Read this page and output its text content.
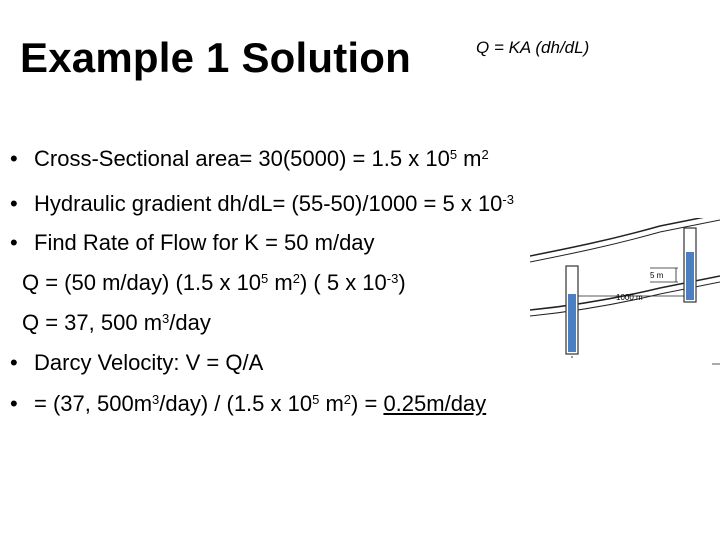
Example 1 Solution	Q = KA (dh/dL)
5 m
1000 m
• Cross-Sectional area= 30(5000) = 1.5 x $10^5$ $m^2$
• Hydraulic gradient dh/dL= (55-50)/1000 = 5 x $10^{-3}$
• Find Rate of Flow for K = 50 m/day
Q = (50 m/day) (1.5 x $10^5$ $m^2$) ( 5 x $10^{-3}$)
Q = 37, 500 $m^3$/day
• Darcy Velocity: V = Q/A
• = (37, $500m^3/day) / (1.5$ x $10^5$ $m^2) = 0.25m/day$
